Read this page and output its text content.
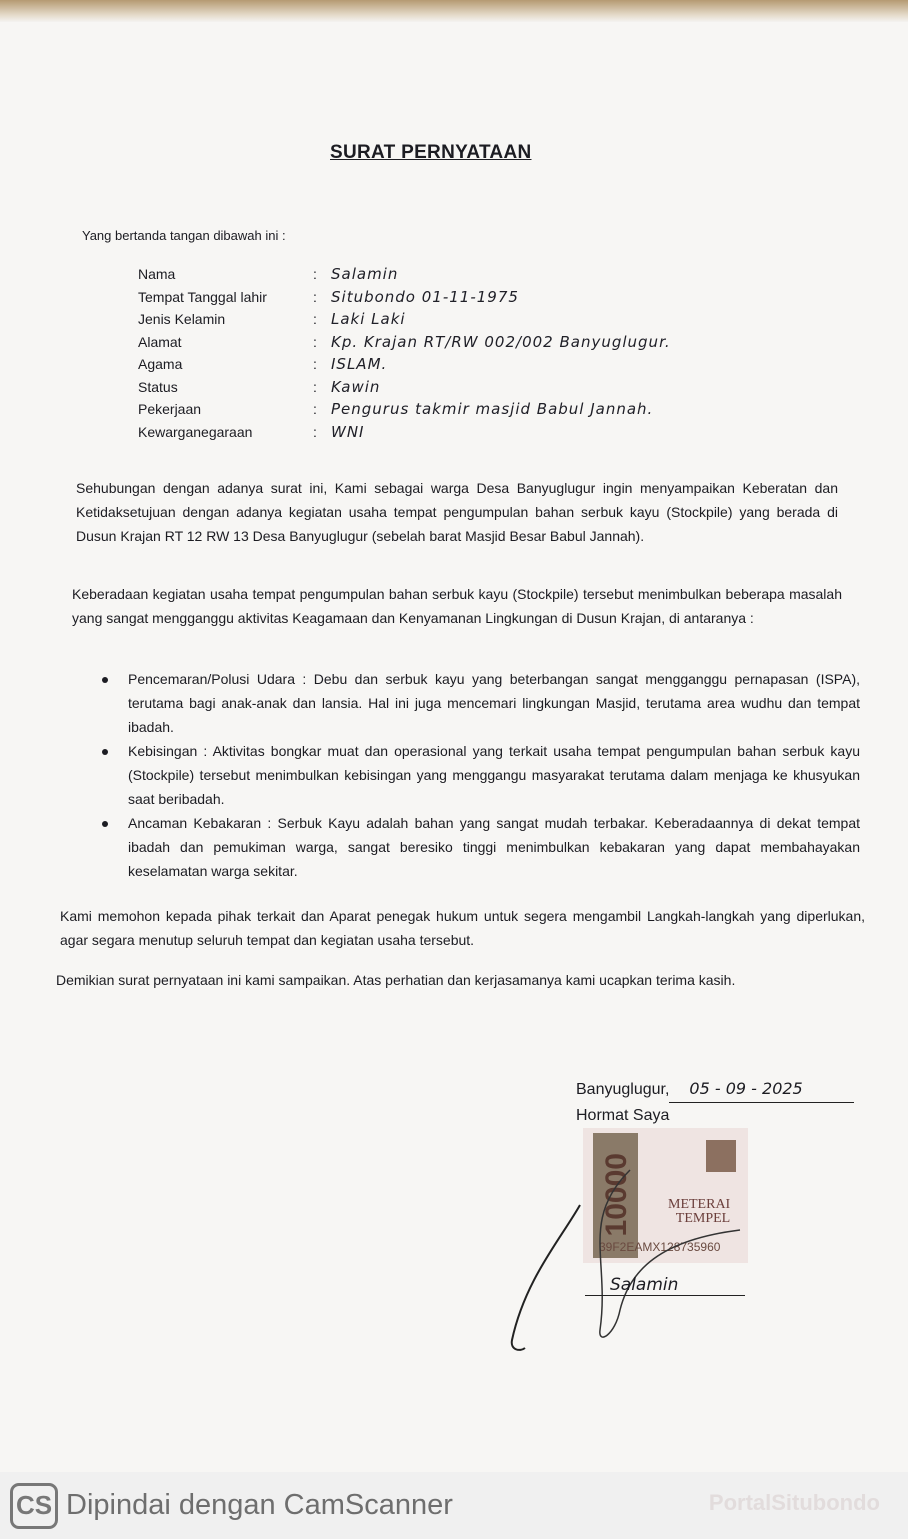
SURAT PERNYATAAN
Yang bertanda tangan dibawah ini :
Nama	: Salamin
Tempat Tanggal lahir	: Situbondo 01-11-1975
Jenis Kelamin	: Laki Laki
Alamat	: Kp. Krajan RT/RW 002/002 Banyuglugur.
Agama	: ISLAM.
Status	: Kawin
Pekerjaan	: Pengurus takmir masjid Babul Jannah.
Kewarganegaraan	: WNI
Sehubungan dengan adanya surat ini, Kami sebagai warga Desa Banyuglugur ingin menyampaikan Keberatan dan Ketidaksetujuan dengan adanya kegiatan usaha tempat pengumpulan bahan serbuk kayu (Stockpile) yang berada di Dusun Krajan RT 12 RW 13 Desa Banyuglugur (sebelah barat Masjid Besar Babul Jannah).
Keberadaan kegiatan usaha tempat pengumpulan bahan serbuk kayu (Stockpile) tersebut menimbulkan beberapa masalah yang sangat mengganggu aktivitas Keagamaan dan Kenyamanan Lingkungan di Dusun Krajan, di antaranya :
Pencemaran/Polusi Udara : Debu dan serbuk kayu yang beterbangan sangat mengganggu pernapasan (ISPA), terutama bagi anak-anak dan lansia. Hal ini juga mencemari lingkungan Masjid, terutama area wudhu dan tempat ibadah.
Kebisingan : Aktivitas bongkar muat dan operasional yang terkait usaha tempat pengumpulan bahan serbuk kayu (Stockpile) tersebut menimbulkan kebisingan yang menggangu masyarakat terutama dalam menjaga ke khusyukan saat beribadah.
Ancaman Kebakaran : Serbuk Kayu adalah bahan yang sangat mudah terbakar. Keberadaannya di dekat tempat ibadah dan pemukiman warga, sangat beresiko tinggi menimbulkan kebakaran yang dapat membahayakan keselamatan warga sekitar.
Kami memohon kepada pihak terkait dan Aparat penegak hukum untuk segera mengambil Langkah-langkah yang diperlukan, agar segara menutup seluruh tempat dan kegiatan usaha tersebut.
Demikian surat pernyataan ini kami sampaikan. Atas perhatian dan kerjasamanya kami ucapkan terima kasih.
Banyuglugur, 05 - 09 - 2025
Hormat Saya
10000	METERAI
TEMPEL
39F2EAMX128735960
Salamin
CS Dipindai dengan CamScanner	PortalSitubondo
